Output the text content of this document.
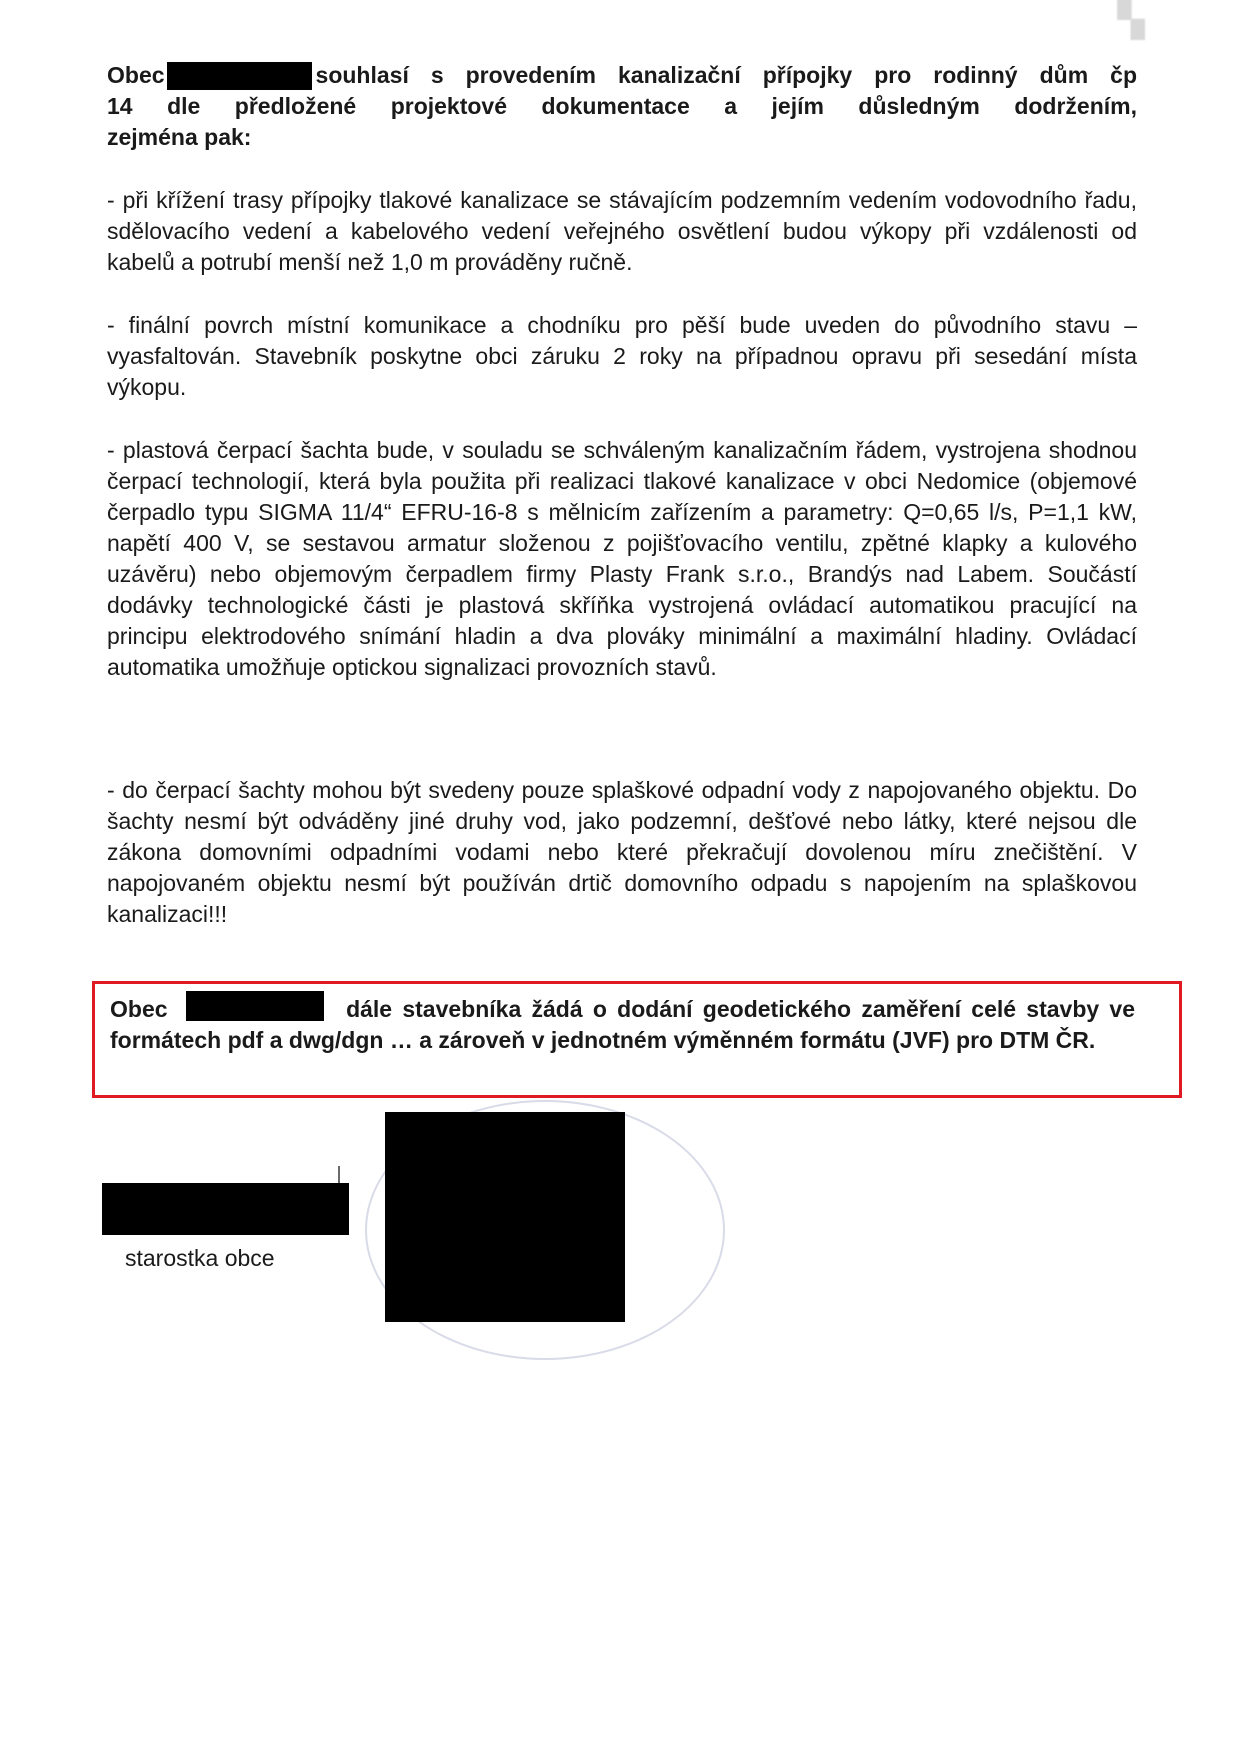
▚
Obec	souhlasí s provedením kanalizační přípojky pro rodinný dům čp
14 dle předložené projektové dokumentace a jejím důsledným dodržením,
zejména pak:
- při křížení trasy přípojky tlakové kanalizace se stávajícím podzemním vedením vodovodního řadu, sdělovacího vedení a kabelového vedení veřejného osvětlení budou výkopy při vzdálenosti od kabelů a potrubí menší než 1,0 m prováděny ručně.
- finální povrch místní komunikace a chodníku pro pěší bude uveden do původního stavu – vyasfaltován. Stavebník poskytne obci záruku 2 roky na případnou opravu při sesedání místa výkopu.
- plastová čerpací šachta bude, v souladu se schváleným kanalizačním řádem, vystrojena shodnou čerpací technologií, která byla použita při realizaci tlakové kanalizace v obci Nedomice (objemové čerpadlo typu SIGMA 11/4“ EFRU-16-8 s mělnicím zařízením a parametry: Q=0,65 l/s, P=1,1 kW, napětí 400 V, se sestavou armatur složenou z pojišťovacího ventilu, zpětné klapky a kulového uzávěru) nebo objemovým čerpadlem firmy Plasty Frank s.r.o., Brandýs nad Labem. Součástí dodávky technologické části je plastová skříňka vystrojená ovládací automatikou pracující na principu elektrodového snímání hladin a dva plováky minimální a maximální hladiny. Ovládací automatika umožňuje optickou signalizaci provozních stavů.
- do čerpací šachty mohou být svedeny pouze splaškové odpadní vody z napojovaného objektu. Do šachty nesmí být odváděny jiné druhy vod, jako podzemní, dešťové nebo látky, které nejsou dle zákona domovními odpadními vodami nebo které překračují dovolenou míru znečištění. V napojovaném objektu nesmí být používán drtič domovního odpadu s napojením na splaškovou kanalizaci!!!
Obec	dále stavebníka žádá o dodání geodetického zaměření celé stavby ve formátech pdf a dwg/dgn … a zároveň v jednotném výměnném formátu (JVF) pro DTM ČR.
starostka obce
